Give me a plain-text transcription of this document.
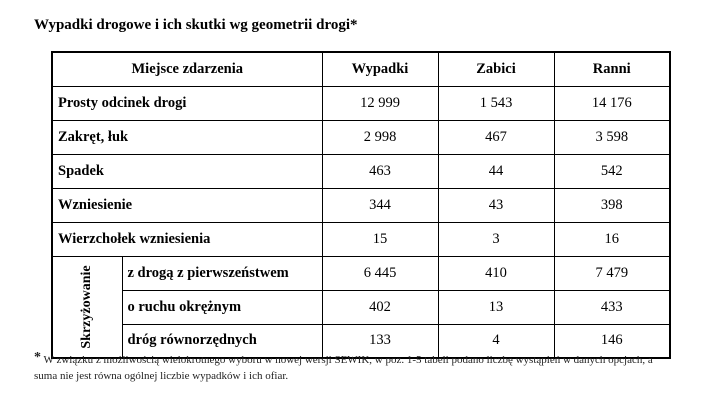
Wypadki drogowe i ich skutki wg geometrii drogi*
Miejsce zdarzenia		Wypadki	Zabici	Ranni
Prosty odcinek drogi		12 999	1 543	14 176
Zakręt, łuk		2 998	467	3 598
Spadek		463	44	542
Wzniesienie		344	43	398
Wierzchołek wzniesienia		15	3	16

Skrzyżowanie	z drogą z pierwszeństwem	6 445	410	7 479
	o ruchu okrężnym	402	13	433
	dróg równorzędnych	133	4	146
* W związku z możliwością wielokrotnego wyboru w nowej wersji SEWIK, w poz. 1-5 tabeli podano liczbę wystąpień w danych opcjach, a suma nie jest równa ogólnej liczbie wypadków i ich ofiar.
